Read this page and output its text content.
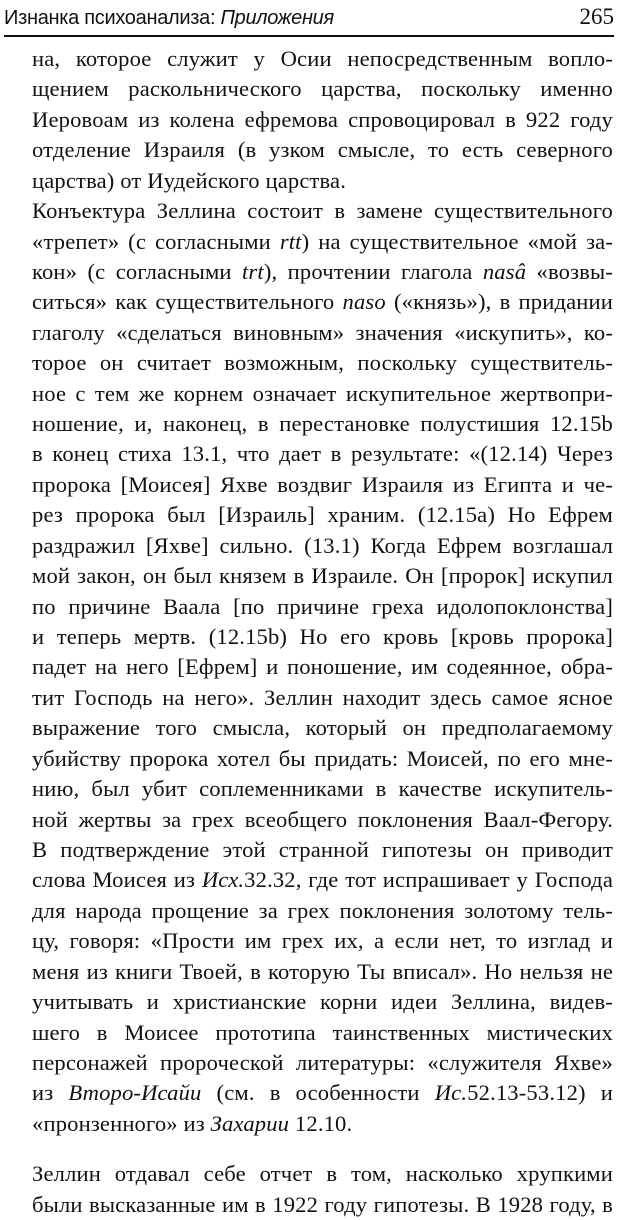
Изнанка психоанализа: Приложения	265
на, которое служит у Осии непосредственным вопло-
щением раскольнического царства, поскольку именно
Иеровоам из колена ефремова спровоцировал в 922 году
отделение Израиля (в узком смысле, то есть северного
царства) от Иудейского царства.
Конъектура Зеллина состоит в замене существительного
«трепет» (с согласными rtt) на существительное «мой за-
кон» (с согласными trt), прочтении глагола nasâ «возвы-
ситься» как существительного naso («князь»), в придании
глаголу «сделаться виновным» значения «искупить», ко-
торое он считает возможным, поскольку существитель-
ное с тем же корнем означает искупительное жертвопри-
ношение, и, наконец, в перестановке полустишия 12.15b
в конец стиха 13.1, что дает в результате: «(12.14) Через
пророка [Моисея] Яхве воздвиг Израиля из Египта и че-
рез пророка был [Израиль] храним. (12.15a) Но Ефрем
раздражил [Яхве] сильно. (13.1) Когда Ефрем возглашал
мой закон, он был князем в Израиле. Он [пророк] искупил
по причине Ваала [по причине греха идолопоклонства]
и теперь мертв. (12.15b) Но его кровь [кровь пророка]
падет на него [Ефрем] и поношение, им содеянное, обра-
тит Господь на него». Зеллин находит здесь самое ясное
выражение того смысла, который он предполагаемому
убийству пророка хотел бы придать: Моисей, по его мне-
нию, был убит соплеменниками в качестве искупитель-
ной жертвы за грех всеобщего поклонения Ваал-Фегору.
В подтверждение этой странной гипотезы он приводит
слова Моисея из Исх.32.32, где тот испрашивает у Господа
для народа прощение за грех поклонения золотому тель-
цу, говоря: «Прости им грех их, а если нет, то изглад и
меня из книги Твоей, в которую Ты вписал». Но нельзя не
учитывать и христианские корни идеи Зеллина, видев-
шего в Моисее прототипа таинственных мистических
персонажей пророческой литературы: «служителя Яхве»
из Второ-Исайи (см. в особенности Ис.52.13-53.12) и
«пронзенного» из Захарии 12.10.
Зеллин отдавал себе отчет в том, насколько хрупкими
были высказанные им в 1922 году гипотезы. В 1928 году, в
